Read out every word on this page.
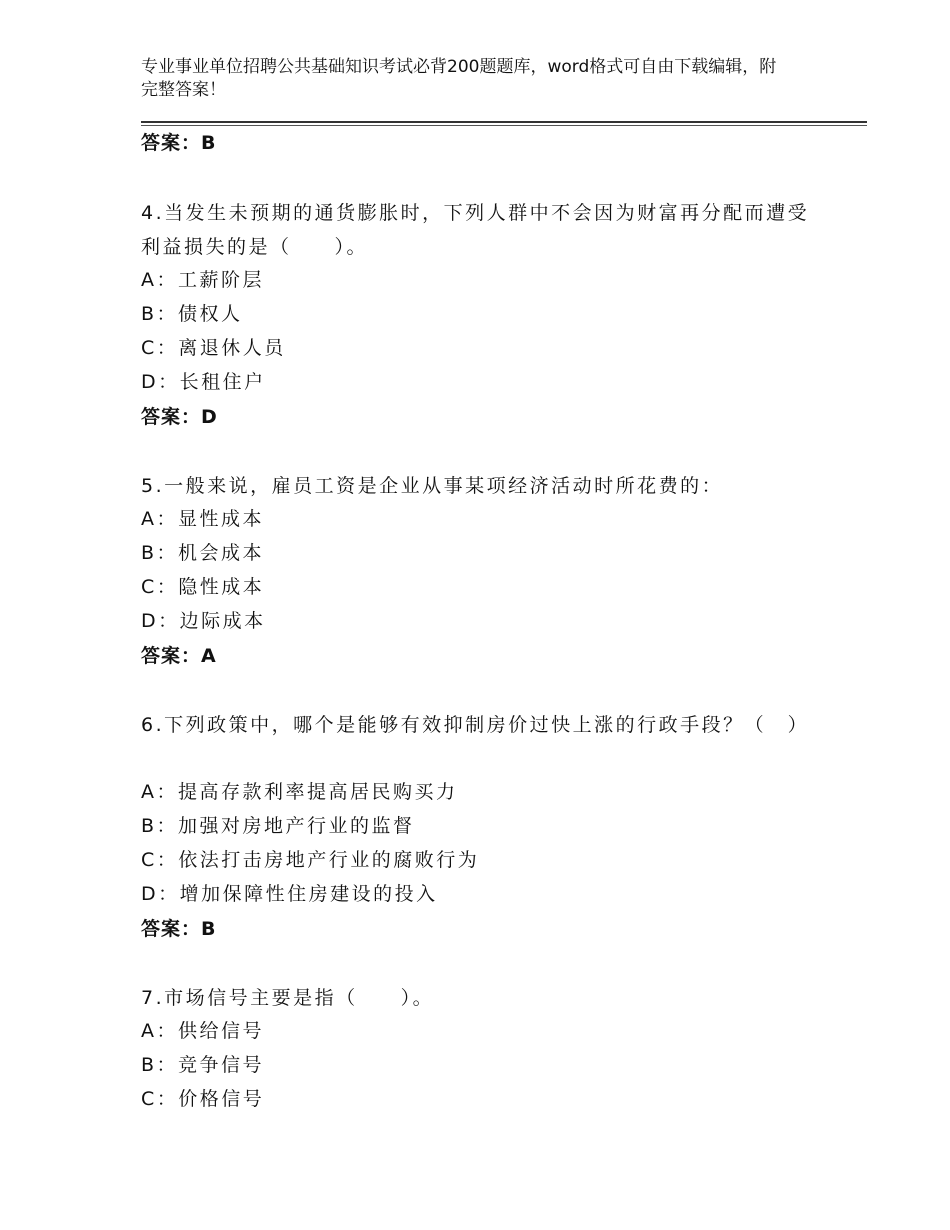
专业事业单位招聘公共基础知识考试必背200题题库，word格式可自由下载编辑，附完整答案！
答案：B
4.当发生未预期的通货膨胀时，下列人群中不会因为财富再分配而遭受利益损失的是（　　）。
A：工薪阶层
B：债权人
C：离退休人员
D：长租住户
答案：D
5.一般来说，雇员工资是企业从事某项经济活动时所花费的：
A：显性成本
B：机会成本
C：隐性成本
D：边际成本
答案：A
6.下列政策中，哪个是能够有效抑制房价过快上涨的行政手段？（　）
A：提高存款利率提高居民购买力
B：加强对房地产行业的监督
C：依法打击房地产行业的腐败行为
D：增加保障性住房建设的投入
答案：B
7.市场信号主要是指（　　）。
A：供给信号
B：竞争信号
C：价格信号
